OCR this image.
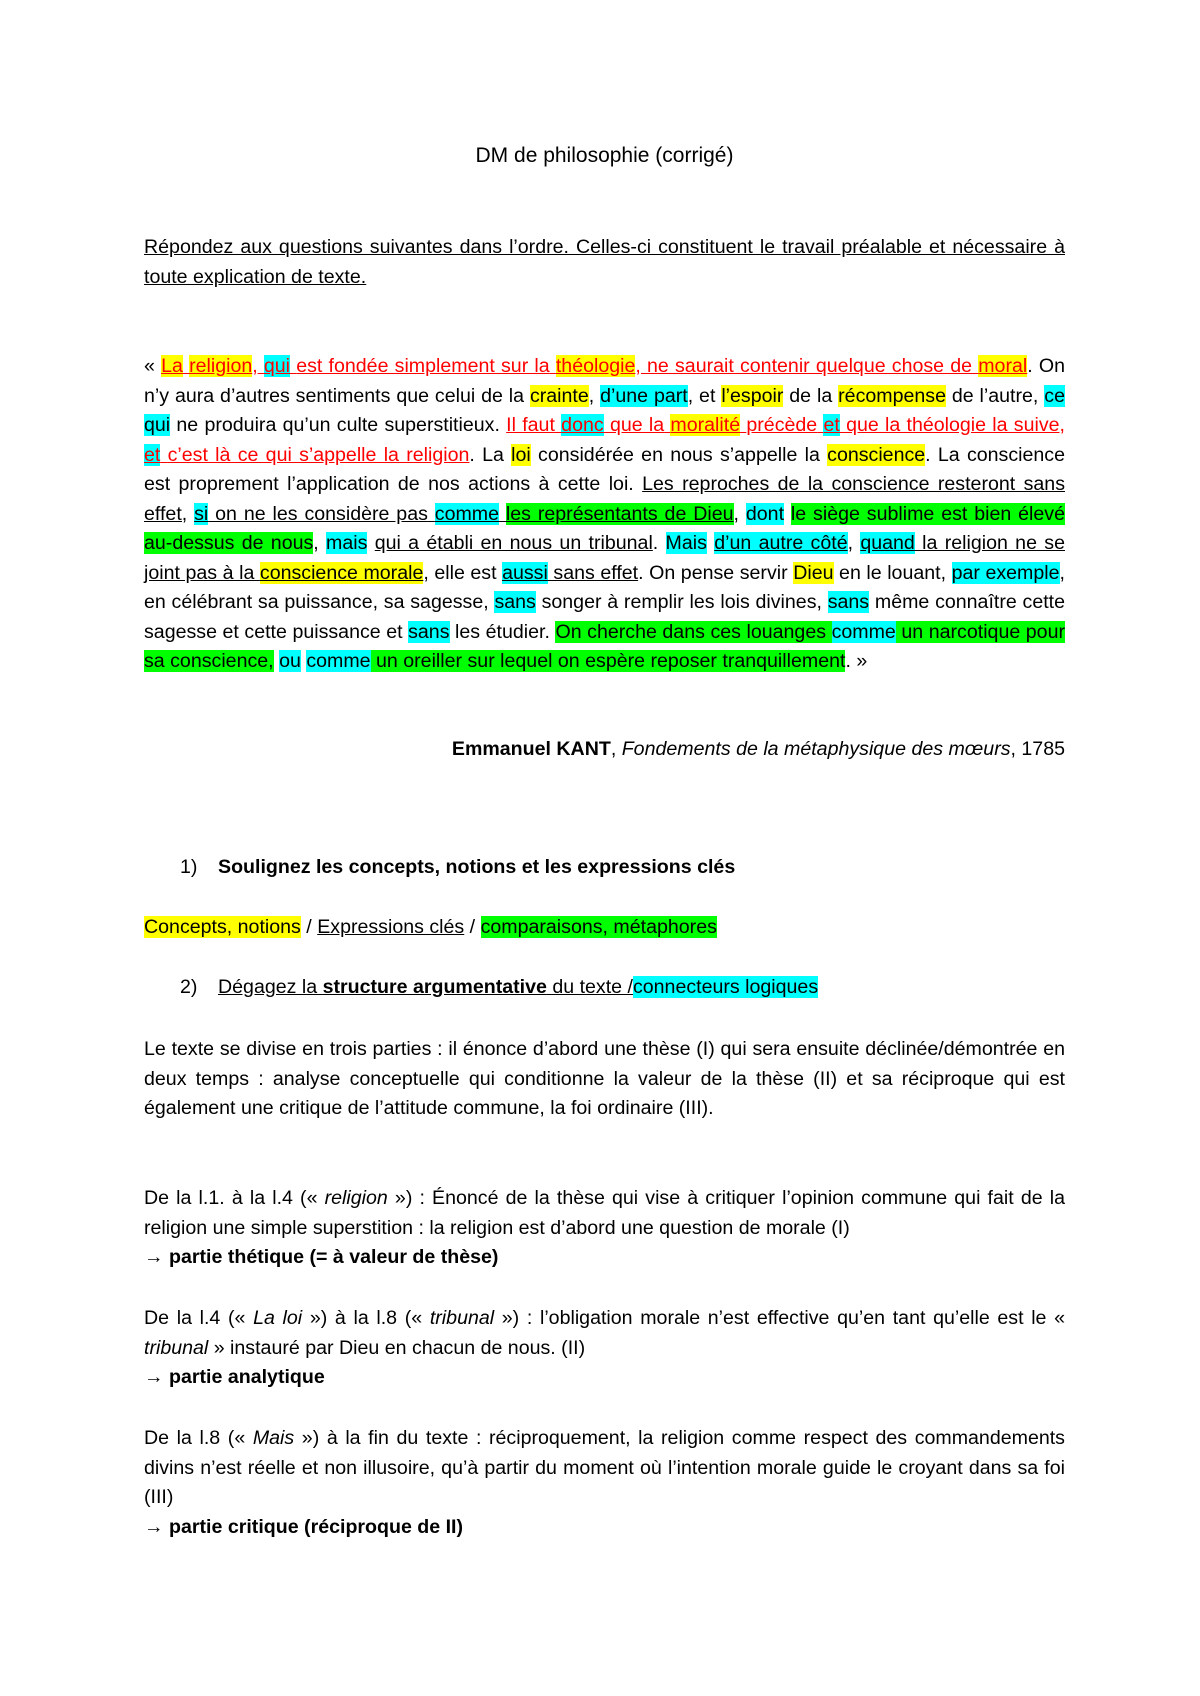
DM de philosophie (corrigé)
Répondez aux questions suivantes dans l’ordre. Celles-ci constituent le travail préalable et nécessaire à toute explication de texte.
« La religion, qui est fondée simplement sur la théologie, ne saurait contenir quelque chose de moral. On n’y aura d’autres sentiments que celui de la crainte, d’une part, et l’espoir de la récompense de l’autre, ce qui ne produira qu’un culte superstitieux. Il faut donc que la moralité précède et que la théologie la suive, et c’est là ce qui s’appelle la religion. La loi considérée en nous s’appelle la conscience. La conscience est proprement l’application de nos actions à cette loi. Les reproches de la conscience resteront sans effet, si on ne les considère pas comme les représentants de Dieu, dont le siège sublime est bien élevé au-dessus de nous, mais qui a établi en nous un tribunal. Mais d’un autre côté, quand la religion ne se joint pas à la conscience morale, elle est aussi sans effet. On pense servir Dieu en le louant, par exemple, en célébrant sa puissance, sa sagesse, sans songer à remplir les lois divines, sans même connaître cette sagesse et cette puissance et sans les étudier. On cherche dans ces louanges comme un narcotique pour sa conscience, ou comme un oreiller sur lequel on espère reposer tranquillement. »
Emmanuel KANT, Fondements de la métaphysique des mœurs, 1785
1) Soulignez les concepts, notions et les expressions clés
Concepts, notions / Expressions clés / comparaisons, métaphores
2) Dégagez la structure argumentative du texte /connecteurs logiques
Le texte se divise en trois parties : il énonce d’abord une thèse (I) qui sera ensuite déclinée/démontrée en deux temps : analyse conceptuelle qui conditionne la valeur de la thèse (II) et sa réciproque qui est également une critique de l’attitude commune, la foi ordinaire (III).
De la l.1. à la l.4 (« religion ») : Énoncé de la thèse qui vise à critiquer l’opinion commune qui fait de la religion une simple superstition : la religion est d’abord une question de morale (I)
→ partie thétique (= à valeur de thèse)
De la l.4 (« La loi ») à la l.8 (« tribunal ») : l’obligation morale n’est effective qu’en tant qu’elle est le « tribunal » instauré par Dieu en chacun de nous. (II)
→ partie analytique
De la l.8 (« Mais ») à la fin du texte : réciproquement, la religion comme respect des commandements divins n’est réelle et non illusoire, qu’à partir du moment où l’intention morale guide le croyant dans sa foi (III)
→ partie critique (réciproque de II)
